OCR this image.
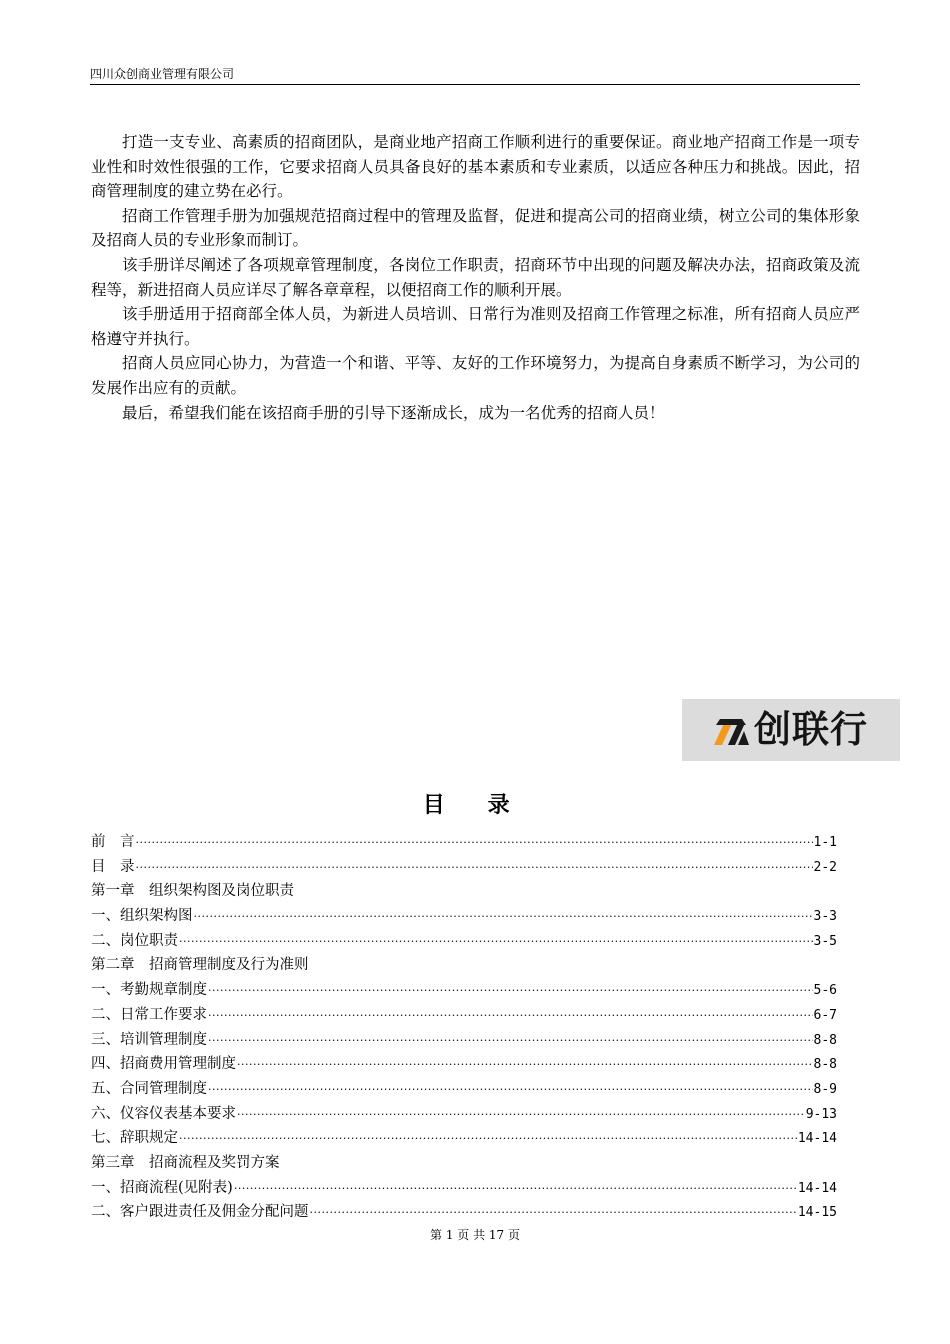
四川众创商业管理有限公司

打造一支专业、高素质的招商团队，是商业地产招商工作顺利进行的重要保证。商业地产招商工作是一项专业性和时效性很强的工作，它要求招商人员具备良好的基本素质和专业素质，以适应各种压力和挑战。因此，招商管理制度的建立势在必行。

招商工作管理手册为加强规范招商过程中的管理及监督，促进和提高公司的招商业绩，树立公司的集体形象及招商人员的专业形象而制订。

该手册详尽阐述了各项规章管理制度，各岗位工作职责，招商环节中出现的问题及解决办法，招商政策及流程等，新进招商人员应详尽了解各章章程，以便招商工作的顺利开展。

该手册适用于招商部全体人员，为新进人员培训、日常行为准则及招商工作管理之标准，所有招商人员应严格遵守并执行。

招商人员应同心协力，为营造一个和谐、平等、友好的工作环境努力，为提高自身素质不断学习，为公司的发展作出应有的贡献。

最后，希望我们能在该招商手册的引导下逐渐成长，成为一名优秀的招商人员！

创联行
目 录
前　言 ·····	1-1
目　录 ·····	2-2
第一章　组织架构图及岗位职责
一、组织架构图 ·····	3-3
二、岗位职责 ·····	3-5
第二章　招商管理制度及行为准则
一、考勤规章制度 ·····	5-6
二、日常工作要求 ·····	6-7
三、培训管理制度 ·····	8-8
四、招商费用管理制度 ·····	8-8
五、合同管理制度 ·····	8-9
六、仪容仪表基本要求 ·····	9-13
七、辞职规定 ·····	14-14
第三章　招商流程及奖罚方案
一、招商流程(见附表) ·····	14-14
二、客户跟进责任及佣金分配问题 ·····	14-15
第 1 页 共 17 页
